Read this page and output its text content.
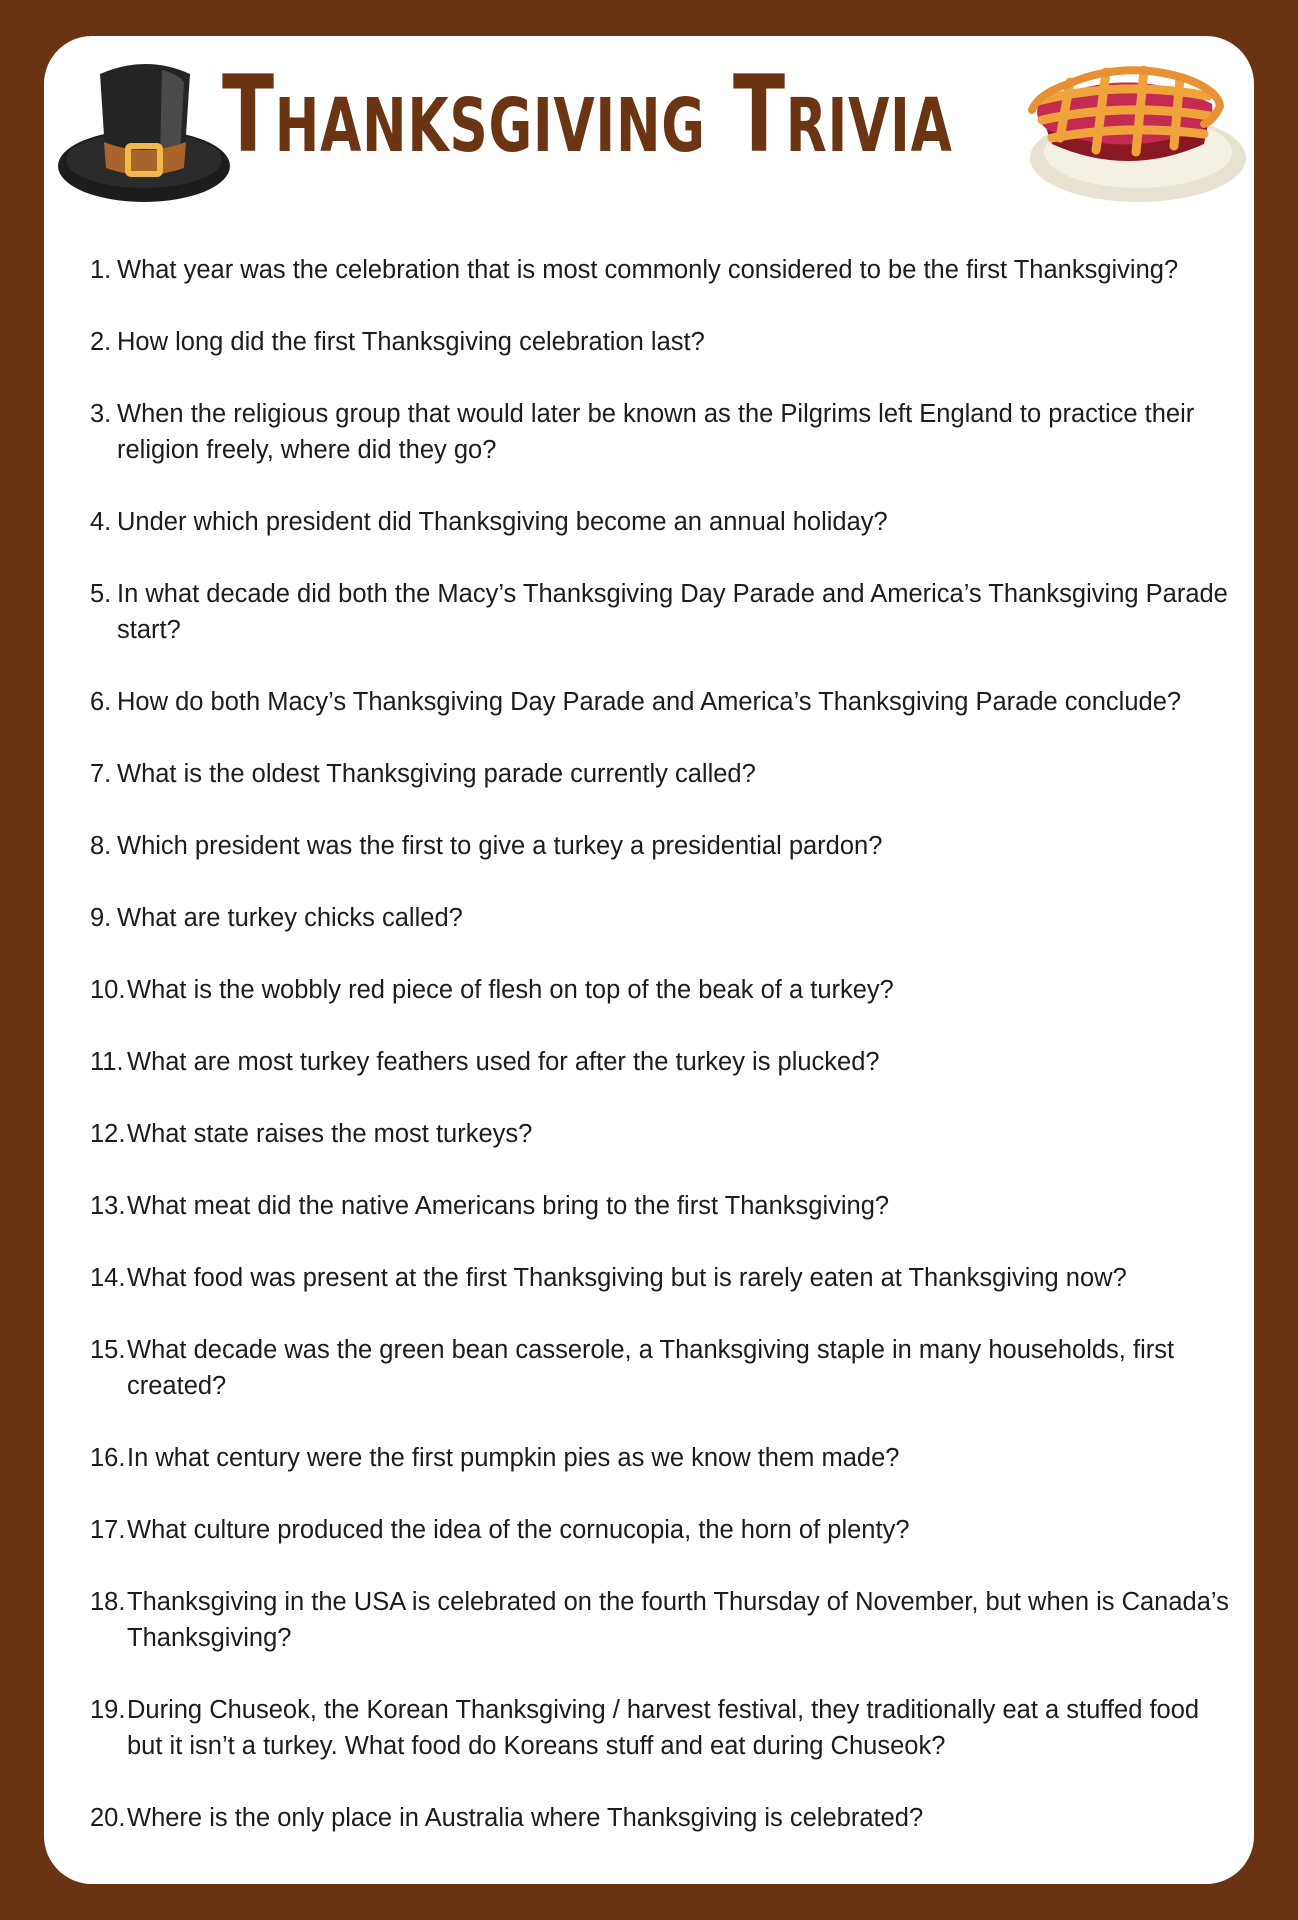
Thanksgiving Trivia
1. What year was the celebration that is most commonly considered to be the first Thanksgiving?
2. How long did the first Thanksgiving celebration last?
3. When the religious group that would later be known as the Pilgrims left England to practice their religion freely, where did they go?
4. Under which president did Thanksgiving become an annual holiday?
5. In what decade did both the Macy’s Thanksgiving Day Parade and America’s Thanksgiving Parade start?
6. How do both Macy’s Thanksgiving Day Parade and America’s Thanksgiving Parade conclude?
7. What is the oldest Thanksgiving parade currently called?
8. Which president was the first to give a turkey a presidential pardon?
9. What are turkey chicks called?
10. What is the wobbly red piece of flesh on top of the beak of a turkey?
11. What are most turkey feathers used for after the turkey is plucked?
12. What state raises the most turkeys?
13. What meat did the native Americans bring to the first Thanksgiving?
14. What food was present at the first Thanksgiving but is rarely eaten at Thanksgiving now?
15. What decade was the green bean casserole, a Thanksgiving staple in many households, first created?
16. In what century were the first pumpkin pies as we know them made?
17. What culture produced the idea of the cornucopia, the horn of plenty?
18. Thanksgiving in the USA is celebrated on the fourth Thursday of November, but when is Canada’s Thanksgiving?
19. During Chuseok, the Korean Thanksgiving / harvest festival, they traditionally eat a stuffed food but it isn’t a turkey. What food do Koreans stuff and eat during Chuseok?
20. Where is the only place in Australia where Thanksgiving is celebrated?
